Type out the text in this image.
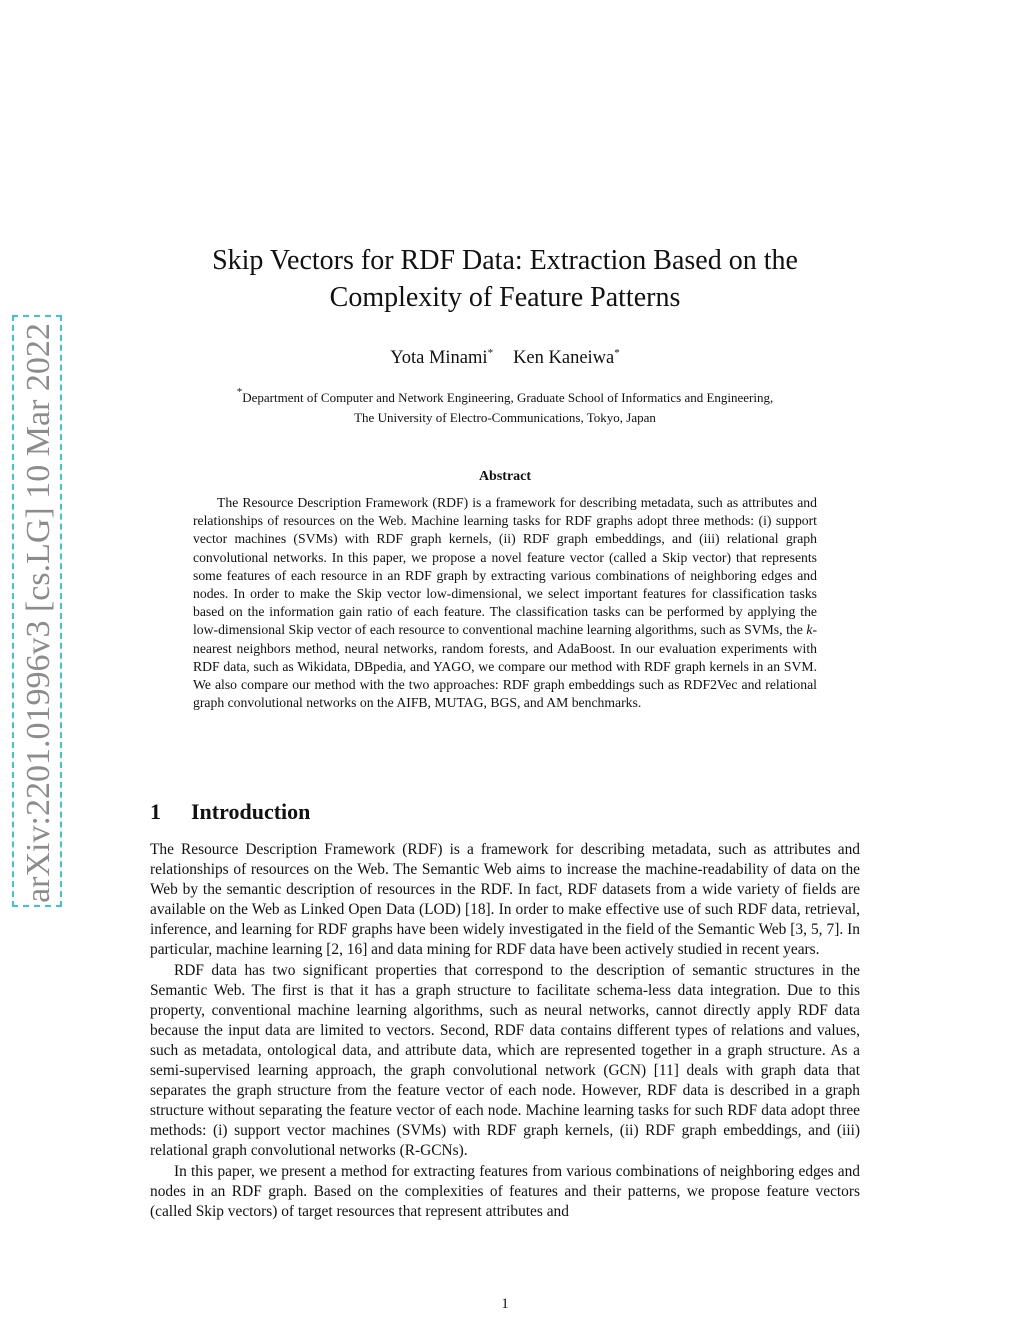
arXiv:2201.01996v3 [cs.LG] 10 Mar 2022
Skip Vectors for RDF Data: Extraction Based on the Complexity of Feature Patterns
Yota Minami* Ken Kaneiwa*
*Department of Computer and Network Engineering, Graduate School of Informatics and Engineering,
The University of Electro-Communications, Tokyo, Japan
Abstract

The Resource Description Framework (RDF) is a framework for describing metadata, such as attributes and relationships of resources on the Web. Machine learning tasks for RDF graphs adopt three methods: (i) support vector machines (SVMs) with RDF graph kernels, (ii) RDF graph embeddings, and (iii) relational graph convolutional networks. In this paper, we propose a novel feature vector (called a Skip vector) that represents some features of each resource in an RDF graph by extracting various combinations of neighboring edges and nodes. In order to make the Skip vector low-dimensional, we select important features for classification tasks based on the information gain ratio of each feature. The classification tasks can be performed by applying the low-dimensional Skip vector of each resource to conventional machine learning algorithms, such as SVMs, the k-nearest neighbors method, neural networks, random forests, and AdaBoost. In our evaluation experiments with RDF data, such as Wikidata, DBpedia, and YAGO, we compare our method with RDF graph kernels in an SVM. We also compare our method with the two approaches: RDF graph embeddings such as RDF2Vec and relational graph convolutional networks on the AIFB, MUTAG, BGS, and AM benchmarks.

1 Introduction

The Resource Description Framework (RDF) is a framework for describing metadata, such as attributes and relationships of resources on the Web. The Semantic Web aims to increase the machine-readability of data on the Web by the semantic description of resources in the RDF. In fact, RDF datasets from a wide variety of fields are available on the Web as Linked Open Data (LOD) [18]. In order to make effective use of such RDF data, retrieval, inference, and learning for RDF graphs have been widely investigated in the field of the Semantic Web [3, 5, 7]. In particular, machine learning [2, 16] and data mining for RDF data have been actively studied in recent years.

RDF data has two significant properties that correspond to the description of semantic structures in the Semantic Web. The first is that it has a graph structure to facilitate schema-less data integration. Due to this property, conventional machine learning algorithms, such as neural networks, cannot directly apply RDF data because the input data are limited to vectors. Second, RDF data contains different types of relations and values, such as metadata, ontological data, and attribute data, which are represented together in a graph structure. As a semi-supervised learning approach, the graph convolutional network (GCN) [11] deals with graph data that separates the graph structure from the feature vector of each node. However, RDF data is described in a graph structure without separating the feature vector of each node. Machine learning tasks for such RDF data adopt three methods: (i) support vector machines (SVMs) with RDF graph kernels, (ii) RDF graph embeddings, and (iii) relational graph convolutional networks (R-GCNs).

In this paper, we present a method for extracting features from various combinations of neighboring edges and nodes in an RDF graph. Based on the complexities of features and their patterns, we propose feature vectors (called Skip vectors) of target resources that represent attributes and

1
